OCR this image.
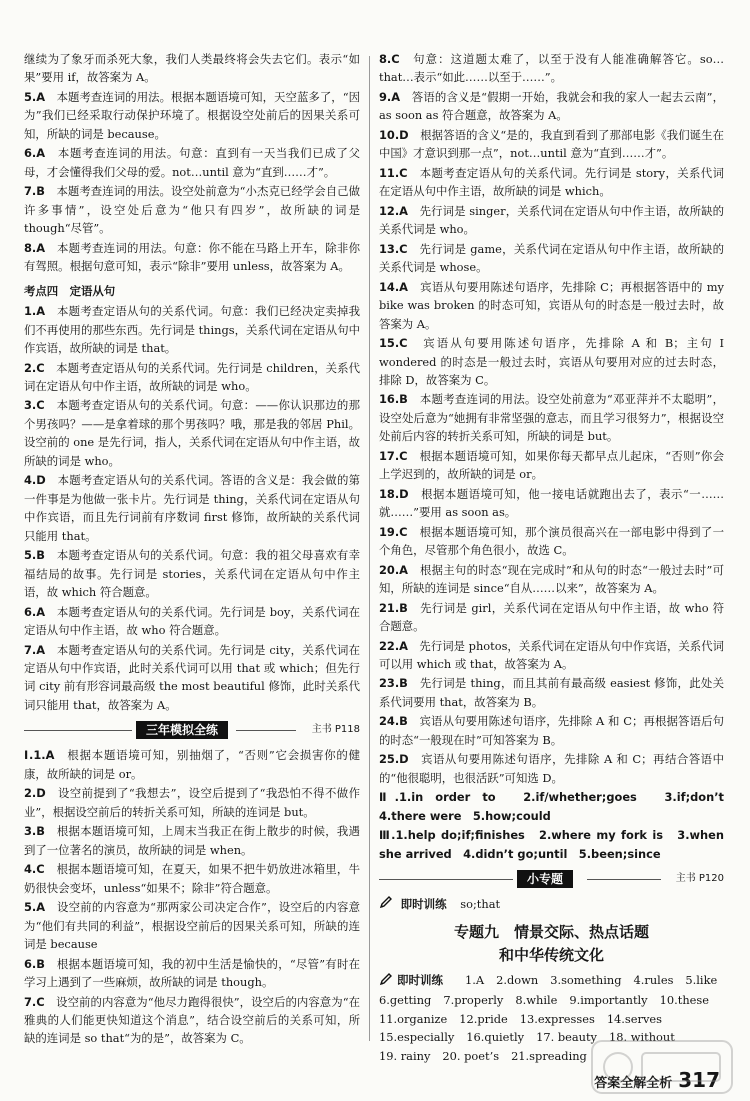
继续为了象牙而杀死大象，我们人类最终将会失去它们。表示“如果”要用 if，故答案为 A。

5.A　 本题考查连词的用法。根据本题语境可知，天空蓝多了，“因为”我们已经采取行动保护环境了。根据设空处前后的因果关系可知，所缺的词是 because。

6.A　 本题考查连词的用法。句意：直到有一天当我们已成了父母，才会懂得我们父母的爱。not…until 意为“直到……才”。

7.B　 本题考查连词的用法。设空处前意为“小杰克已经学会自己做许多事情”，设空处后意为“他只有四岁”，故所缺的词是 though“尽管”。

8.A　 本题考查连词的用法。句意：你不能在马路上开车，除非你有驾照。根据句意可知，表示“除非”要用 unless，故答案为 A。

考点四　定语从句

1.A　 本题考查定语从句的关系代词。句意：我们已经决定卖掉我们不再使用的那些东西。先行词是 things，关系代词在定语从句中作宾语，故所缺的词是 that。

2.C　 本题考查定语从句的关系代词。先行词是 children，关系代词在定语从句中作主语，故所缺的词是 who。

3.C　 本题考查定语从句的关系代词。句意：——你认识那边的那个男孩吗？——是拿着球的那个男孩吗？哦，那是我的邻居 Phil。设空前的 one 是先行词，指人，关系代词在定语从句中作主语，故所缺的词是 who。

4.D　 本题考查定语从句的关系代词。答语的含义是：我会做的第一件事是为他做一张卡片。先行词是 thing，关系代词在定语从句中作宾语，而且先行词前有序数词 first 修饰，故所缺的关系代词只能用 that。

5.B　 本题考查定语从句的关系代词。句意：我的祖父母喜欢有幸福结局的故事。先行词是 stories，关系代词在定语从句中作主语，故 which 符合题意。

6.A　 本题考查定语从句的关系代词。先行词是 boy，关系代词在定语从句中作主语，故 who 符合题意。

7.A　 本题考查定语从句的关系代词。先行词是 city，关系代词在定语从句中作宾语，此时关系代词可以用 that 或 which；但先行词 city 前有形容词最高级 the most beautiful 修饰，此时关系代词只能用 that，故答案为 A。

三年模拟全练	主书 P118

Ⅰ.1.A　 根据本题语境可知，别抽烟了，“否则”它会损害你的健康，故所缺的词是 or。

2.D　 设空前提到了“我想去”，设空后提到了“我恐怕不得不做作业”，根据设空前后的转折关系可知，所缺的连词是 but。

3.B　 根据本题语境可知，上周末当我正在街上散步的时候，我遇到了一位著名的演员，故所缺的词是 when。

4.C　 根据本题语境可知，在夏天，如果不把牛奶放进冰箱里，牛奶很快会变坏，unless“如果不；除非”符合题意。

5.A　 设空前的内容意为“那两家公司决定合作”，设空后的内容意为“他们有共同的利益”，根据设空前后的因果关系可知，所缺的连词是 because

6.B　 根据本题语境可知，我的初中生活是愉快的，“尽管”有时在学习上遇到了一些麻烦，故所缺的词是 though。

7.C　 设空前的内容意为“他尽力跑得很快”，设空后的内容意为“在雅典的人们能更快知道这个消息”，结合设空前后的关系可知，所缺的连词是 so that“为的是”，故答案为 C。

8.C　 句意：这道题太难了，以至于没有人能准确解答它。so… that…表示“如此……以至于……”。

9.A　 答语的含义是“假期一开始，我就会和我的家人一起去云南”，as soon as 符合题意，故答案为 A。

10.D　 根据答语的含义“是的，我直到看到了那部电影《我们诞生在中国》才意识到那一点”，not…until 意为“直到……才”。

11.C　 本题考查定语从句的关系代词。先行词是 story，关系代词在定语从句中作主语，故所缺的词是 which。

12.A　 先行词是 singer，关系代词在定语从句中作主语，故所缺的关系代词是 who。

13.C　 先行词是 game，关系代词在定语从句中作主语，故所缺的关系代词是 whose。

14.A　 宾语从句要用陈述句语序，先排除 C；再根据答语中的 my bike was broken 的时态可知，宾语从句的时态是一般过去时，故答案为 A。

15.C　 宾语从句要用陈述句语序，先排除 A 和 B；主句 I wondered 的时态是一般过去时，宾语从句要用对应的过去时态，排除 D，故答案为 C。

16.B　 本题考查连词的用法。设空处前意为“邓亚萍并不太聪明”，设空处后意为“她拥有非常坚强的意志，而且学习很努力”，根据设空处前后内容的转折关系可知，所缺的词是 but。

17.C　 根据本题语境可知，如果你每天都早点儿起床，“否则”你会上学迟到的，故所缺的词是 or。

18.D　 根据本题语境可知，他一接电话就跑出去了，表示“一……就……”要用 as soon as。

19.C　 根据本题语境可知，那个演员很高兴在一部电影中得到了一个角色，尽管那个角色很小，故选 C。

20.A　 根据主句的时态“现在完成时”和从句的时态“一般过去时”可知，所缺的连词是 since“自从……以来”，故答案为 A。

21.B　 先行词是 girl，关系代词在定语从句中作主语，故 who 符合题意。

22.A　 先行词是 photos，关系代词在定语从句中作宾语，关系代词可以用 which 或 that，故答案为 A。

23.B　 先行词是 thing，而且其前有最高级 easiest 修饰，此处关系代词要用 that，故答案为 B。

24.B　 宾语从句要用陈述句语序，先排除 A 和 C；再根据答语后句的时态“一般现在时”可知答案为 B。

25.D　 宾语从句要用陈述句语序，先排除 A 和 C；再结合答语中的“他很聪明，也很活跃”可知选 D。

Ⅱ.1.in order to　2.if/whether;goes　3.if;don’t　4.there were　5.how;could

Ⅲ.1.help do;if;finishes　2.where my fork is　3.when she arrived　4.didn’t go;until　5.been;since

小专题	主书 P120

即时训练 so;that

专题九　情景交际、热点话题
和中华传统文化
即时训练	1.A 2.down 3.something 4.rules 5.like
6.getting 7.properly 8.while 9.importantly 10.these
11.organize 12.pride 13.expresses 14.serves
15.especially 16.quietly 17. beauty 18. without
19. rainy 20. poet’s 21.spreading
答案全解全析 317
